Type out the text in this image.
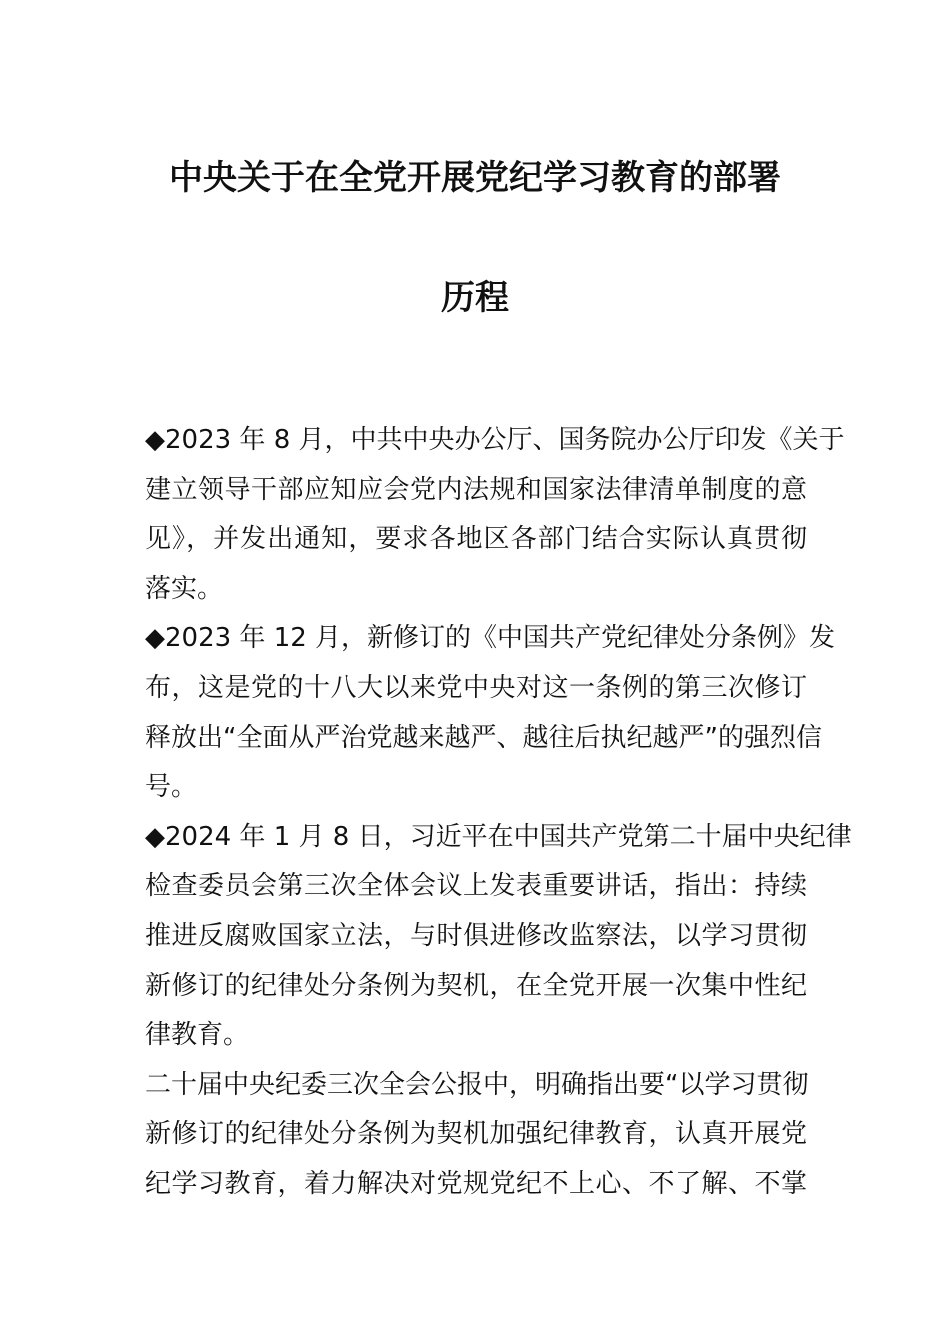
中央关于在全党开展党纪学习教育的部署
历程
◆2023 年 8 月，中共中央办公厅、国务院办公厅印发《关于
建立领导干部应知应会党内法规和国家法律清单制度的意
见》，并发出通知，要求各地区各部门结合实际认真贯彻
落实。
◆2023 年 12 月，新修订的《中国共产党纪律处分条例》发
布，这是党的十八大以来党中央对这一条例的第三次修订
释放出“全面从严治党越来越严、越往后执纪越严”的强烈信
号。
◆2024 年 1 月 8 日，习近平在中国共产党第二十届中央纪律
检查委员会第三次全体会议上发表重要讲话，指出：持续
推进反腐败国家立法，与时俱进修改监察法，以学习贯彻
新修订的纪律处分条例为契机，在全党开展一次集中性纪
律教育。
二十届中央纪委三次全会公报中，明确指出要“以学习贯彻
新修订的纪律处分条例为契机加强纪律教育，认真开展党
纪学习教育，着力解决对党规党纪不上心、不了解、不掌
